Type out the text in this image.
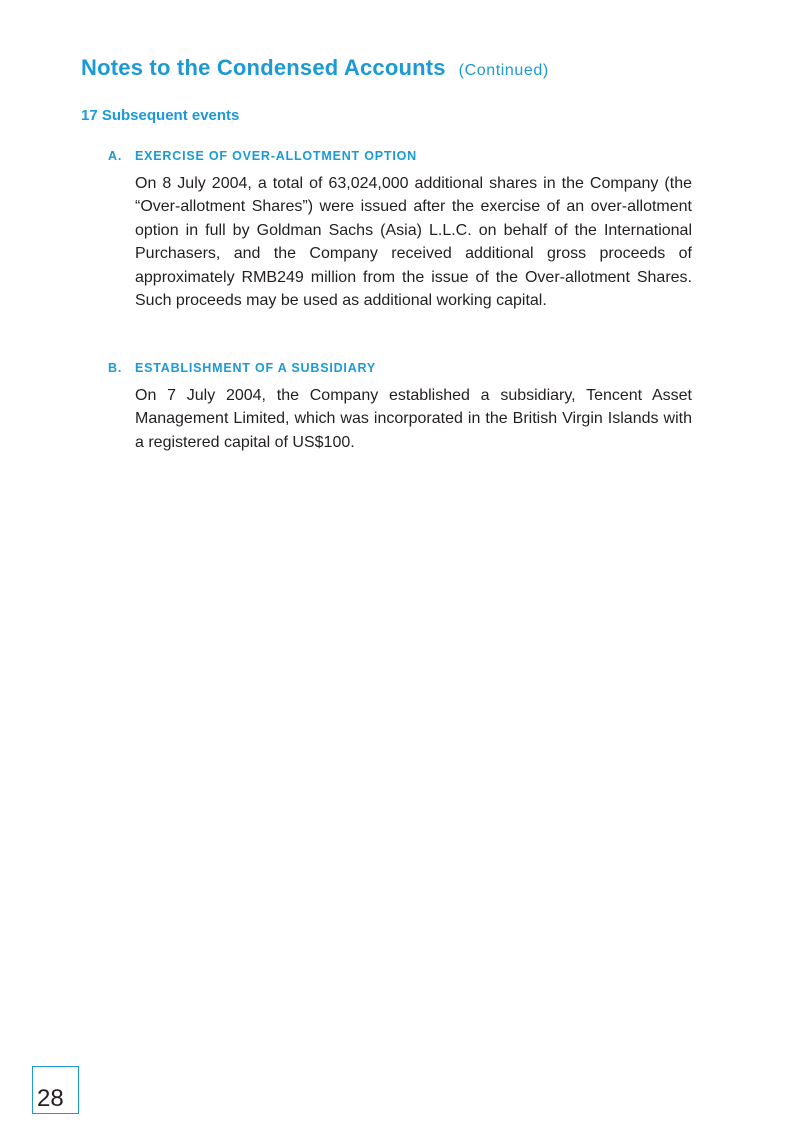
Notes to the Condensed Accounts (Continued)
17 Subsequent events
A. EXERCISE OF OVER-ALLOTMENT OPTION

On 8 July 2004, a total of 63,024,000 additional shares in the Company (the “Over-allotment Shares”) were issued after the exercise of an over-allotment option in full by Goldman Sachs (Asia) L.L.C. on behalf of the International Purchasers, and the Company received additional gross proceeds of approximately RMB249 million from the issue of the Over-allotment Shares. Such proceeds may be used as additional working capital.

B. ESTABLISHMENT OF A SUBSIDIARY

On 7 July 2004, the Company established a subsidiary, Tencent Asset Management Limited, which was incorporated in the British Virgin Islands with a registered capital of US$100.

28
